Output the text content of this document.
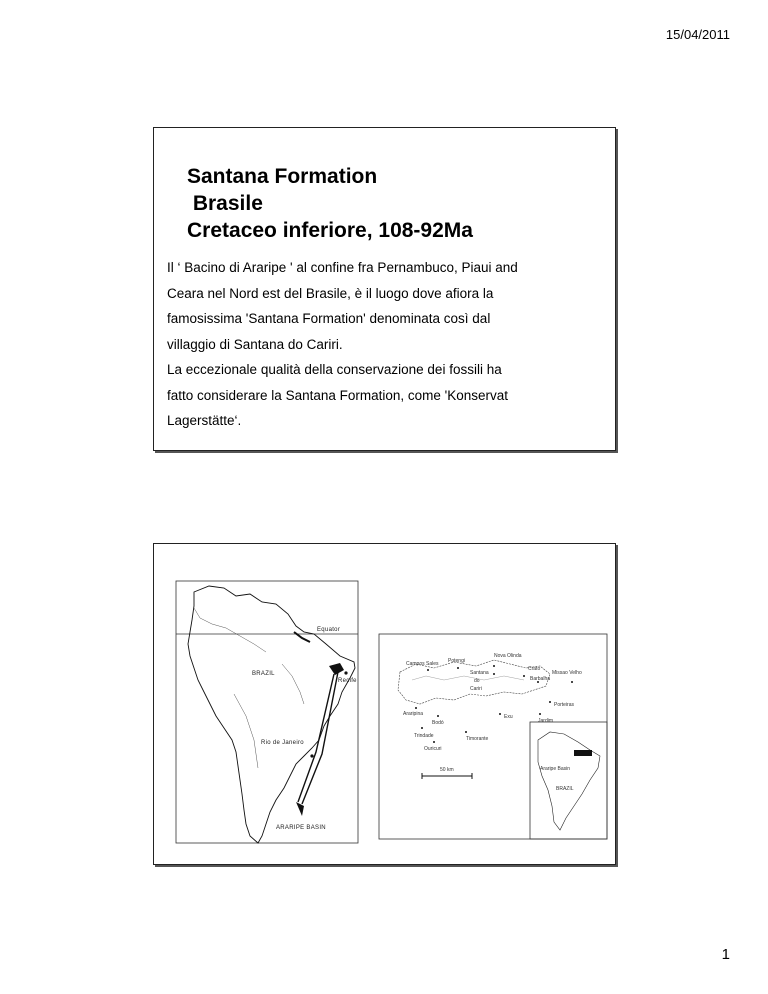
15/04/2011
Santana Formation
Brasile
Cretaceo inferiore, 108-92Ma

Il ‘ Bacino di Araripe ' al confine fra Pernambuco, Piaui and

Ceara nel Nord est del Brasile, è il luogo dove afiora la

famosissima 'Santana Formation' denominata così dal

villaggio di Santana do Cariri.

La eccezionale qualità della conservazione dei fossili ha

fatto considerare la Santana Formation, come 'Konservat

Lagerstätte‘.

Equator
Recife
BRAZIL
Rio de Janeiro
ARARIPE BASIN
Campos Sales Potengi
Nova Olinda
Crato
Missao Velho
Barbalha
Santana
do
Cariri
Porteiras
Araripina	Exu
Jardim
Bodó
Trindade	Timorante
Ouricuri
50 km	Araripe Basin
BRAZIL
1
